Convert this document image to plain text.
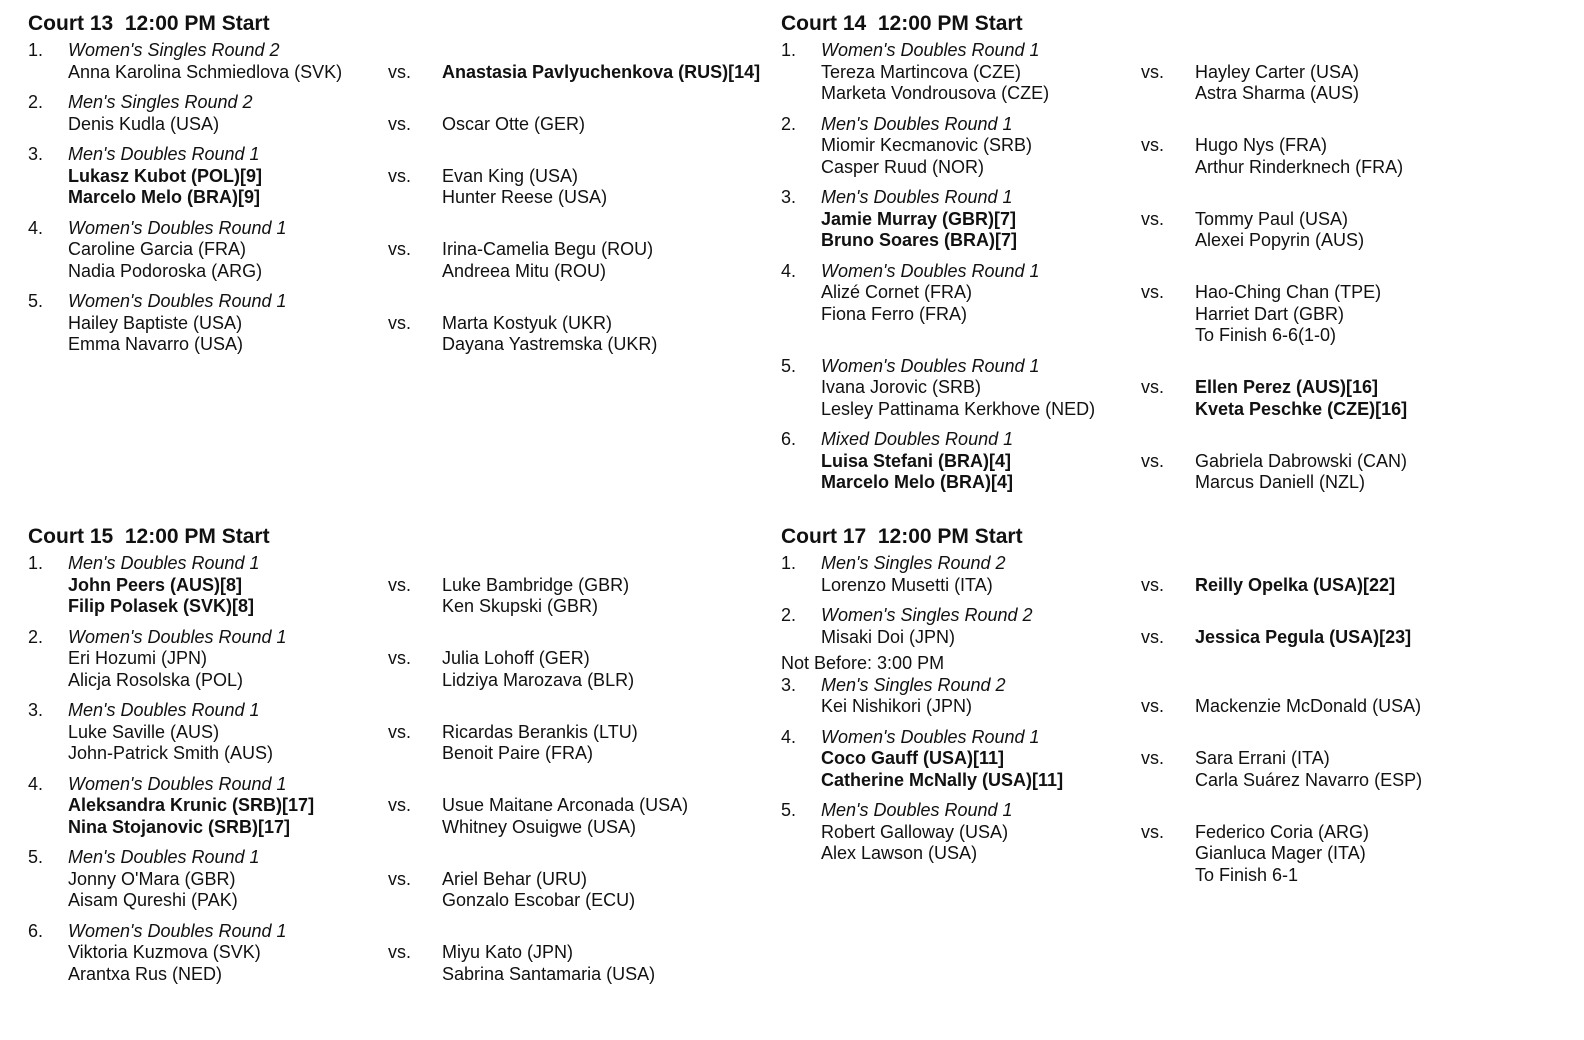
Court 13  12:00 PM Start
1. Women's Singles Round 2
Anna Karolina Schmiedlova (SVK)	vs. Anastasia Pavlyuchenkova (RUS)[14]
2. Men's Singles Round 2
Denis Kudla (USA)	vs. Oscar Otte (GER)
3. Men's Doubles Round 1
Lukasz Kubot (POL)[9]	vs. Evan King (USA)
Marcelo Melo (BRA)[9]	Hunter Reese (USA)
4. Women's Doubles Round 1
Caroline Garcia (FRA)	vs. Irina-Camelia Begu (ROU)
Nadia Podoroska (ARG)	Andreea Mitu (ROU)
5. Women's Doubles Round 1
Hailey Baptiste (USA)	vs. Marta Kostyuk (UKR)
Emma Navarro (USA)	Dayana Yastremska (UKR)
Court 14  12:00 PM Start
1. Women's Doubles Round 1
Tereza Martincova (CZE)	vs. Hayley Carter (USA)
Marketa Vondrousova (CZE)	Astra Sharma (AUS)
2. Men's Doubles Round 1
Miomir Kecmanovic (SRB)	vs. Hugo Nys (FRA)
Casper Ruud (NOR)	Arthur Rinderknech (FRA)
3. Men's Doubles Round 1
Jamie Murray (GBR)[7]	vs. Tommy Paul (USA)
Bruno Soares (BRA)[7]	Alexei Popyrin (AUS)
4. Women's Doubles Round 1
Alizé Cornet (FRA)	vs. Hao-Ching Chan (TPE)
Fiona Ferro (FRA)	Harriet Dart (GBR)
To Finish 6-6(1-0)
5. Women's Doubles Round 1
Ivana Jorovic (SRB)	vs. Ellen Perez (AUS)[16]
Lesley Pattinama Kerkhove (NED)	Kveta Peschke (CZE)[16]
6. Mixed Doubles Round 1
Luisa Stefani (BRA)[4]	vs. Gabriela Dabrowski (CAN)
Marcelo Melo (BRA)[4]	Marcus Daniell (NZL)
Court 15  12:00 PM Start
1. Men's Doubles Round 1
John Peers (AUS)[8]	vs. Luke Bambridge (GBR)
Filip Polasek (SVK)[8]	Ken Skupski (GBR)
2. Women's Doubles Round 1
Eri Hozumi (JPN)	vs. Julia Lohoff (GER)
Alicja Rosolska (POL)	Lidziya Marozava (BLR)
3. Men's Doubles Round 1
Luke Saville (AUS)	vs. Ricardas Berankis (LTU)
John-Patrick Smith (AUS)	Benoit Paire (FRA)
4. Women's Doubles Round 1
Aleksandra Krunic (SRB)[17]	vs. Usue Maitane Arconada (USA)
Nina Stojanovic (SRB)[17]	Whitney Osuigwe (USA)
5. Men's Doubles Round 1
Jonny O'Mara (GBR)	vs. Ariel Behar (URU)
Aisam Qureshi (PAK)	Gonzalo Escobar (ECU)
6. Women's Doubles Round 1
Viktoria Kuzmova (SVK)	vs. Miyu Kato (JPN)
Arantxa Rus (NED)	Sabrina Santamaria (USA)
Court 17  12:00 PM Start
1. Men's Singles Round 2
Lorenzo Musetti (ITA)	vs. Reilly Opelka (USA)[22]
2. Women's Singles Round 2
Misaki Doi (JPN)	vs. Jessica Pegula (USA)[23]
Not Before: 3:00 PM
3. Men's Singles Round 2
Kei Nishikori (JPN)	vs. Mackenzie McDonald (USA)
4. Women's Doubles Round 1
Coco Gauff (USA)[11]	vs. Sara Errani (ITA)
Catherine McNally (USA)[11]	Carla Suárez Navarro (ESP)
5. Men's Doubles Round 1
Robert Galloway (USA)	vs. Federico Coria (ARG)
Alex Lawson (USA)	Gianluca Mager (ITA)
To Finish 6-1
